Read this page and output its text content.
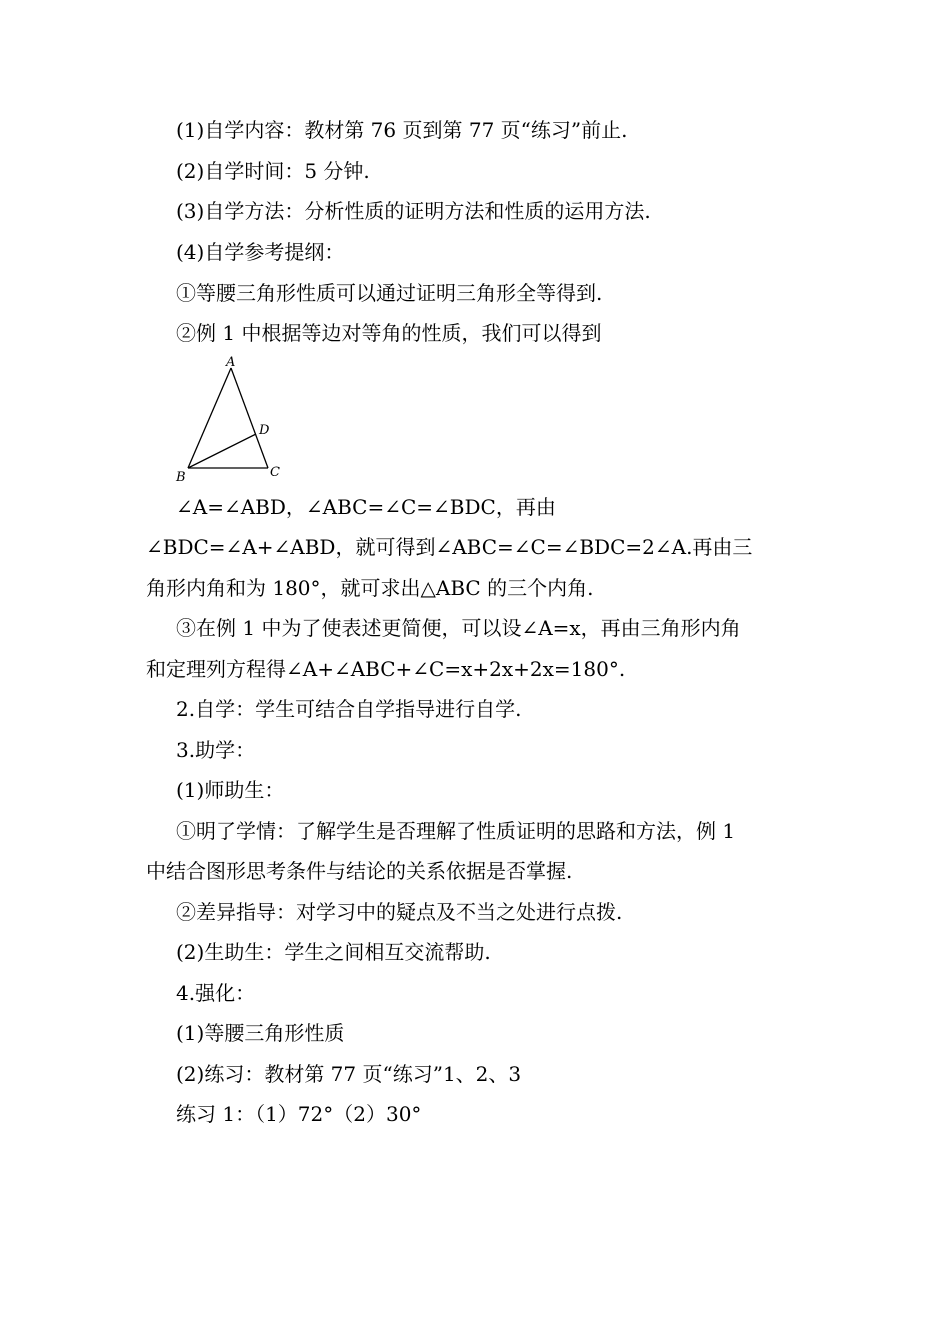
(1)自学内容：教材第 76 页到第 77 页“练习”前止.
(2)自学时间：5 分钟.
(3)自学方法：分析性质的证明方法和性质的运用方法.
(4)自学参考提纲：
①等腰三角形性质可以通过证明三角形全等得到.
②例 1 中根据等边对等角的性质，我们可以得到
A
B	C
D
∠A=∠ABD，∠ABC=∠C=∠BDC，再由
∠BDC=∠A+∠ABD，就可得到∠ABC=∠C=∠BDC=2∠A.再由三
角形内角和为 180°，就可求出△ABC 的三个内角.
③在例 1 中为了使表述更简便，可以设∠A=x，再由三角形内角
和定理列方程得∠A+∠ABC+∠C=x+2x+2x=180°.
2.自学：学生可结合自学指导进行自学.
3.助学：
(1)师助生：
①明了学情：了解学生是否理解了性质证明的思路和方法，例 1
中结合图形思考条件与结论的关系依据是否掌握.
②差异指导：对学习中的疑点及不当之处进行点拨.
(2)生助生：学生之间相互交流帮助.
4.强化：
(1)等腰三角形性质
(2)练习：教材第 77 页“练习”1、2、3
练习 1：（1）72°（2）30°
